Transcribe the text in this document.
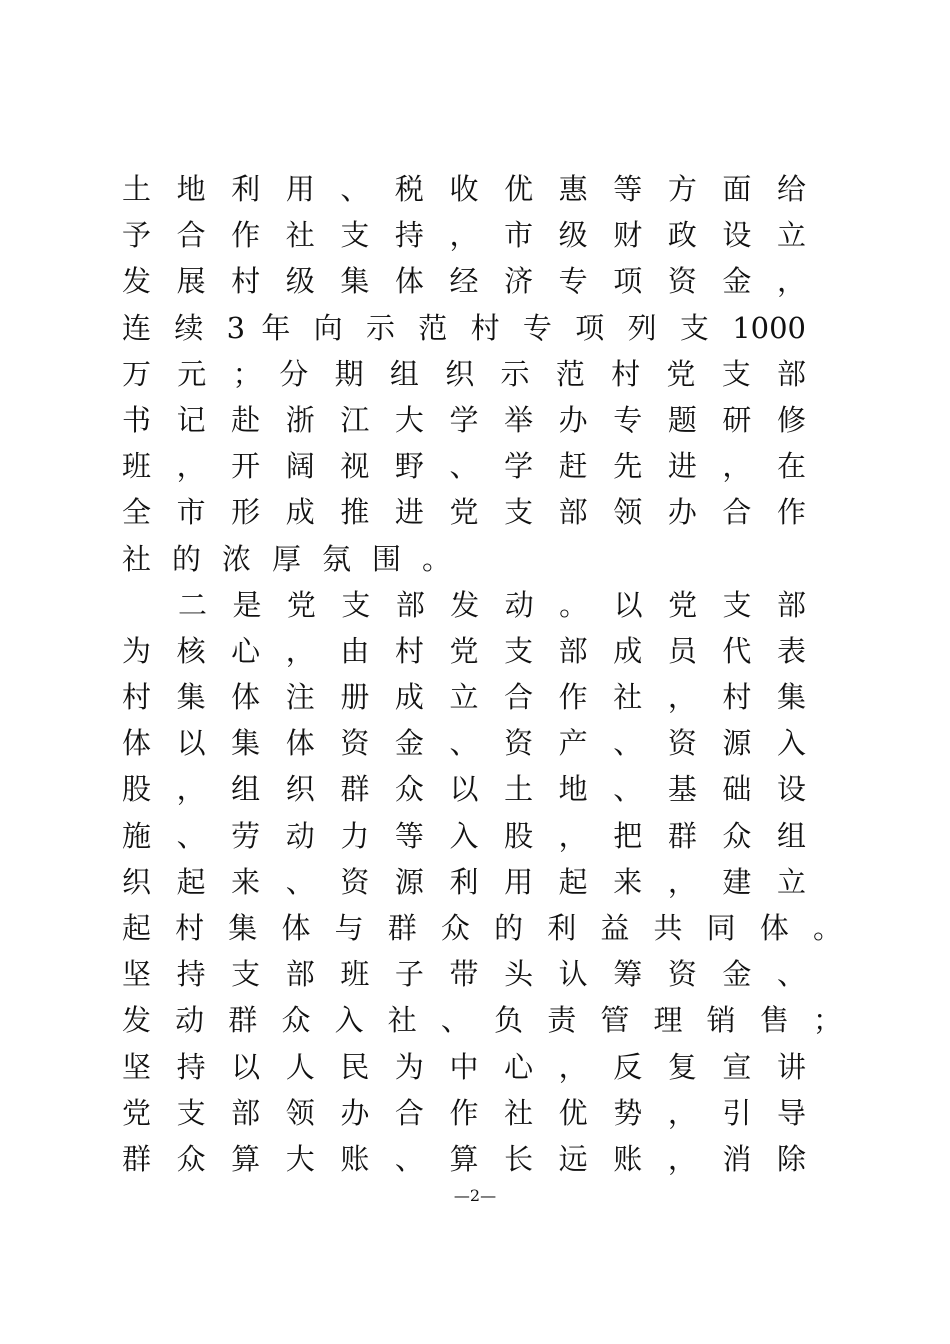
土 地 利 用 、 税 收 优 惠 等 方 面 给
予 合 作 社 支 持 ， 市 级 财 政 设 立
发 展 村 级 集 体 经 济 专 项 资 金 ，
连 续 3 年 向 示 范 村 专 项 列 支 1000
万 元 ； 分 期 组 织 示 范 村 党 支 部
书 记 赴 浙 江 大 学 举 办 专 题 研 修
班 ， 开 阔 视 野 、 学 赶 先 进 ， 在
全 市 形 成 推 进 党 支 部 领 办 合 作
社的浓厚氛围。
二 是 党 支 部 发 动 。 以 党 支 部
为 核 心 ， 由 村 党 支 部 成 员 代 表
村 集 体 注 册 成 立 合 作 社 ， 村 集
体 以 集 体 资 金 、 资 产 、 资 源 入
股 ， 组 织 群 众 以 土 地 、 基 础 设
施 、 劳 动 力 等 入 股 ， 把 群 众 组
织 起 来 、 资 源 利 用 起 来 ， 建 立
起 村 集 体 与 群 众 的 利 益 共 同 体 。
坚 持 支 部 班 子 带 头 认 筹 资 金 、
发 动 群 众 入 社 、 负 责 管 理 销 售 ；
坚 持 以 人 民 为 中 心 ， 反 复 宣 讲
党 支 部 领 办 合 作 社 优 势 ， 引 导
群 众 算 大 账 、 算 长 远 账 ， 消 除
—2—
